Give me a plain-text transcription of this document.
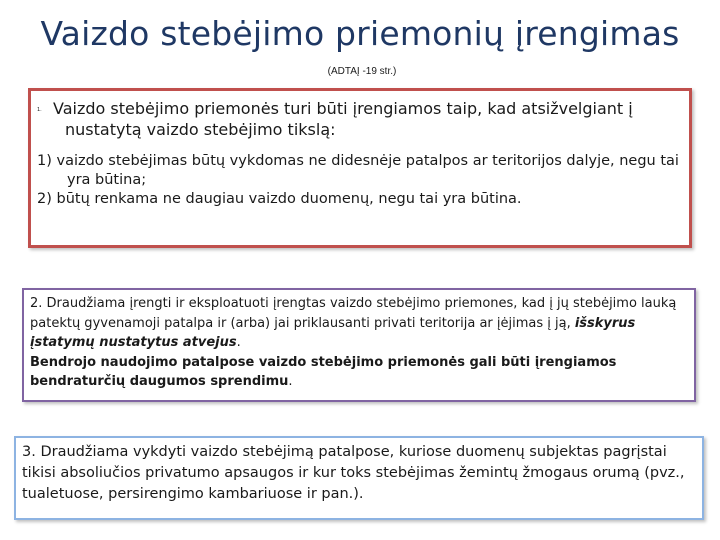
Vaizdo stebėjimo priemonių įrengimas
(ADTAĮ -19 str.)
1. Vaizdo stebėjimo priemonės turi būti įrengiamos taip, kad atsižvelgiant į nustatytą vaizdo stebėjimo tikslą:
1) vaizdo stebėjimas būtų vykdomas ne didesnėje patalpos ar teritorijos dalyje, negu tai yra būtina;
2) būtų renkama ne daugiau vaizdo duomenų, negu tai yra būtina.
2. Draudžiama įrengti ir eksploatuoti įrengtas vaizdo stebėjimo priemones, kad į jų stebėjimo lauką patektų gyvenamoji patalpa ir (arba) jai priklausanti privati teritorija ar įėjimas į ją, išskyrus įstatymų nustatytus atvejus.
Bendrojo naudojimo patalpose vaizdo stebėjimo priemonės gali būti įrengiamos bendraturčių daugumos sprendimu.
3. Draudžiama vykdyti vaizdo stebėjimą patalpose, kuriose duomenų subjektas pagrįstai tikisi absoliučios privatumo apsaugos ir kur toks stebėjimas žemintų žmogaus orumą (pvz., tualetuose, persirengimo kambariuose ir pan.).
